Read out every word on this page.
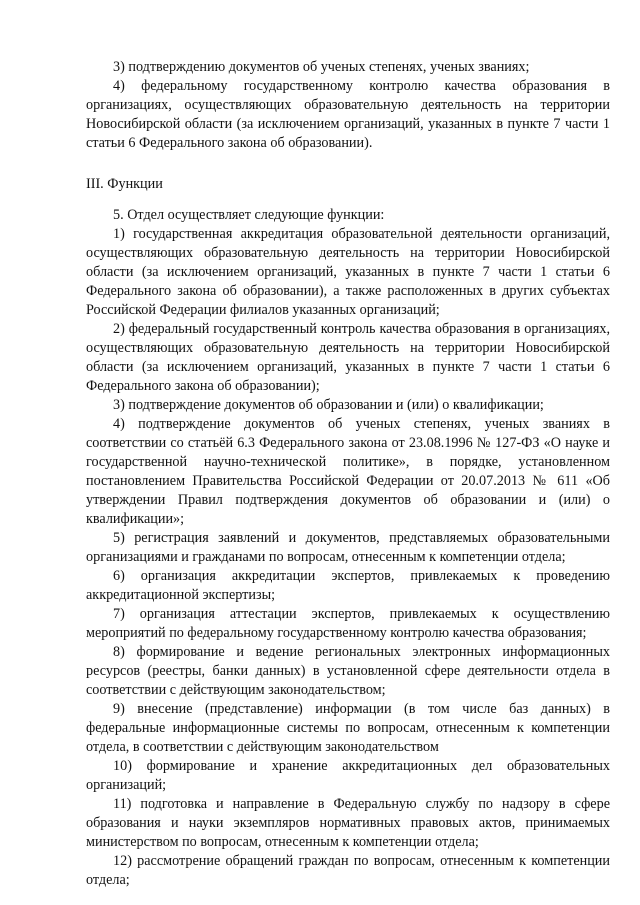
3) подтверждению документов об ученых степенях, ученых званиях;

4) федеральному государственному контролю качества образования в организациях, осуществляющих образовательную деятельность на территории Новосибирской области (за исключением организаций, указанных в пункте 7 части 1 статьи 6 Федерального закона об образовании).

III. Функции

5. Отдел осуществляет следующие функции:

1) государственная аккредитация образовательной деятельности организаций, осуществляющих образовательную деятельность на территории Новосибирской области (за исключением организаций, указанных в пункте 7 части 1 статьи 6 Федерального закона об образовании), а также расположенных в других субъектах Российской Федерации филиалов указанных организаций;

2) федеральный государственный контроль качества образования в организациях, осуществляющих образовательную деятельность на территории Новосибирской области (за исключением организаций, указанных в пункте 7 части 1 статьи 6 Федерального закона об образовании);

3) подтверждение документов об образовании и (или) о квалификации;

4) подтверждение документов об ученых степенях, ученых званиях в соответствии со статьёй 6.3 Федерального закона от 23.08.1996 № 127-ФЗ «О науке и государственной научно-технической политике», в порядке, установленном постановлением Правительства Российской Федерации от 20.07.2013 № 611 «Об утверждении Правил подтверждения документов об образовании и (или) о квалификации»;

5) регистрация заявлений и документов, представляемых образовательными организациями и гражданами по вопросам, отнесенным к компетенции отдела;

6) организация аккредитации экспертов, привлекаемых к проведению аккредитационной экспертизы;

7) организация аттестации экспертов, привлекаемых к осуществлению мероприятий по федеральному государственному контролю качества образования;

8) формирование и ведение региональных электронных информационных ресурсов (реестры, банки данных) в установленной сфере деятельности отдела в соответствии с действующим законодательством;

9) внесение (представление) информации (в том числе баз данных) в федеральные информационные системы по вопросам, отнесенным к компетенции отдела, в соответствии с действующим законодательством

10) формирование и хранение аккредитационных дел образовательных организаций;

11) подготовка и направление в Федеральную службу по надзору в сфере образования и науки экземпляров нормативных правовых актов, принимаемых министерством по вопросам, отнесенным к компетенции отдела;

12) рассмотрение обращений граждан по вопросам, отнесенным к компетенции отдела;
